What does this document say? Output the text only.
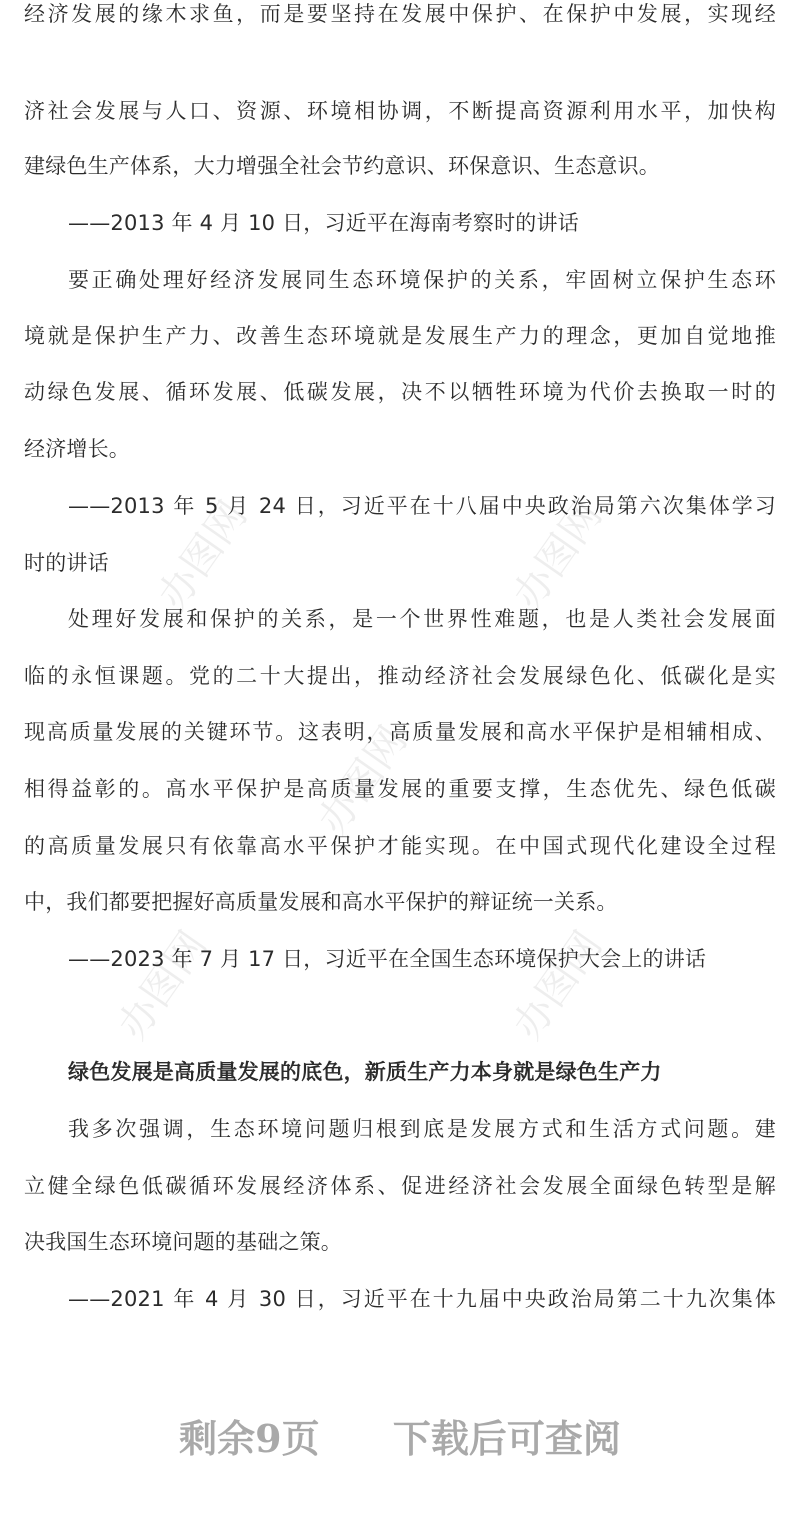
办图网	办图网
办图网
办图网	办图网
经济发展的缘木求鱼，而是要坚持在发展中保护、在保护中发展，实现经
济社会发展与人口、资源、环境相协调，不断提高资源利用水平，加快构
建绿色生产体系，大力增强全社会节约意识、环保意识、生态意识。
——2013 年 4 月 10 日，习近平在海南考察时的讲话
要正确处理好经济发展同生态环境保护的关系，牢固树立保护生态环
境就是保护生产力、改善生态环境就是发展生产力的理念，更加自觉地推
动绿色发展、循环发展、低碳发展，决不以牺牲环境为代价去换取一时的
经济增长。
——2013 年 5 月 24 日，习近平在十八届中央政治局第六次集体学习
时的讲话
处理好发展和保护的关系，是一个世界性难题，也是人类社会发展面
临的永恒课题。党的二十大提出，推动经济社会发展绿色化、低碳化是实
现高质量发展的关键环节。这表明，高质量发展和高水平保护是相辅相成、
相得益彰的。高水平保护是高质量发展的重要支撑，生态优先、绿色低碳
的高质量发展只有依靠高水平保护才能实现。在中国式现代化建设全过程
中，我们都要把握好高质量发展和高水平保护的辩证统一关系。
——2023 年 7 月 17 日，习近平在全国生态环境保护大会上的讲话
绿色发展是高质量发展的底色，新质生产力本身就是绿色生产力
我多次强调，生态环境问题归根到底是发展方式和生活方式问题。建
立健全绿色低碳循环发展经济体系、促进经济社会发展全面绿色转型是解
决我国生态环境问题的基础之策。
——2021 年 4 月 30 日，习近平在十九届中央政治局第二十九次集体
剩余9页 下载后可查阅
